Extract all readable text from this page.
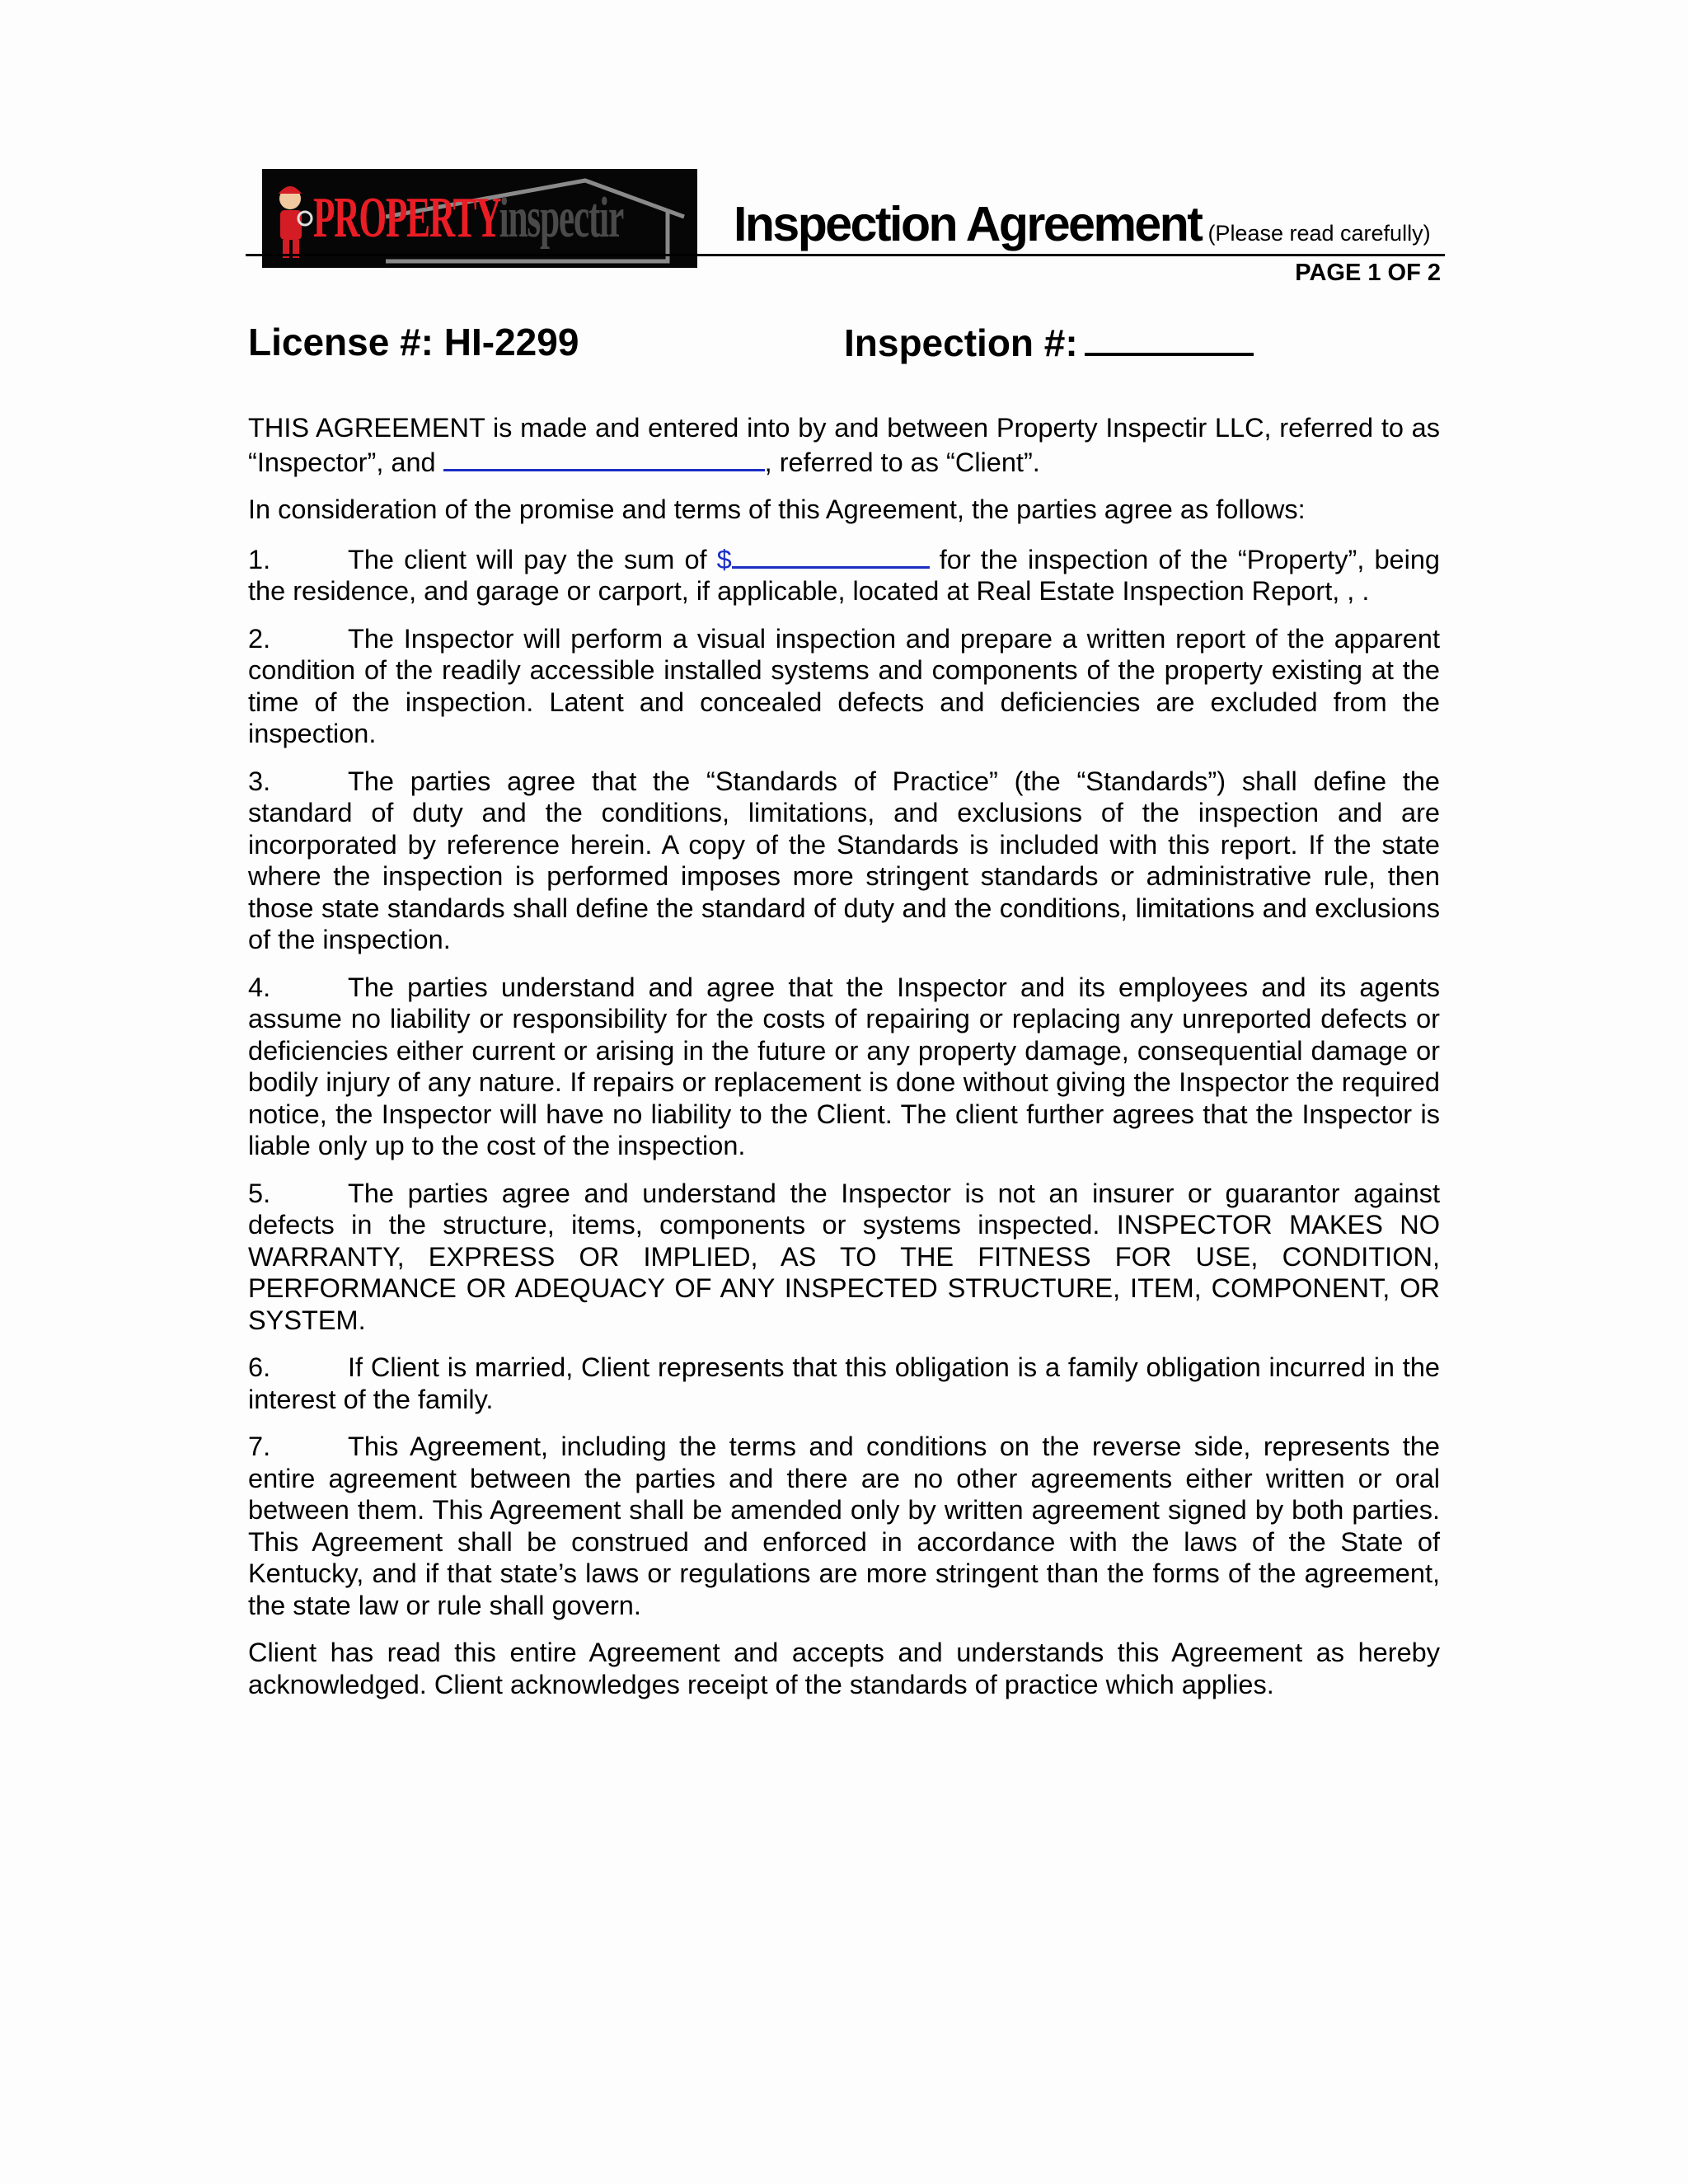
PROPERTYinspectir Inspection Agreement (Please read carefully)
PAGE 1 OF 2
License #: HI-2299	Inspection #:

THIS AGREEMENT is made and entered into by and between Property Inspectir LLC, referred to as “Inspector”, and	, referred to as “Client”.

In consideration of the promise and terms of this Agreement, the parties agree as follows:

1.	The client will pay the sum of $	for the inspection of the “Property”, being the residence, and garage or carport, if applicable, located at Real Estate Inspection Report, , .

2.	The Inspector will perform a visual inspection and prepare a written report of the apparent condition of the readily accessible installed systems and components of the property existing at the time of the inspection. Latent and concealed defects and deficiencies are excluded from the inspection.

3.	The parties agree that the “Standards of Practice” (the “Standards”) shall define the standard of duty and the conditions, limitations, and exclusions of the inspection and are incorporated by reference herein. A copy of the Standards is included with this report. If the state where the inspection is performed imposes more stringent standards or administrative rule, then those state standards shall define the standard of duty and the conditions, limitations and exclusions of the inspection.

4.	The parties understand and agree that the Inspector and its employees and its agents assume no liability or responsibility for the costs of repairing or replacing any unreported defects or deficiencies either current or arising in the future or any property damage, consequential damage or bodily injury of any nature. If repairs or replacement is done without giving the Inspector the required notice, the Inspector will have no liability to the Client. The client further agrees that the Inspector is liable only up to the cost of the inspection.

5.	The parties agree and understand the Inspector is not an insurer or guarantor against defects in the structure, items, components or systems inspected. INSPECTOR MAKES NO WARRANTY, EXPRESS OR IMPLIED, AS TO THE FITNESS FOR USE, CONDITION, PERFORMANCE OR ADEQUACY OF ANY INSPECTED STRUCTURE, ITEM, COMPONENT, OR SYSTEM.

6.	If Client is married, Client represents that this obligation is a family obligation incurred in the interest of the family.

7.	This Agreement, including the terms and conditions on the reverse side, represents the entire agreement between the parties and there are no other agreements either written or oral between them. This Agreement shall be amended only by written agreement signed by both parties. This Agreement shall be construed and enforced in accordance with the laws of the State of Kentucky, and if that state’s laws or regulations are more stringent than the forms of the agreement, the state law or rule shall govern.

Client has read this entire Agreement and accepts and understands this Agreement as hereby acknowledged. Client acknowledges receipt of the standards of practice which applies.
